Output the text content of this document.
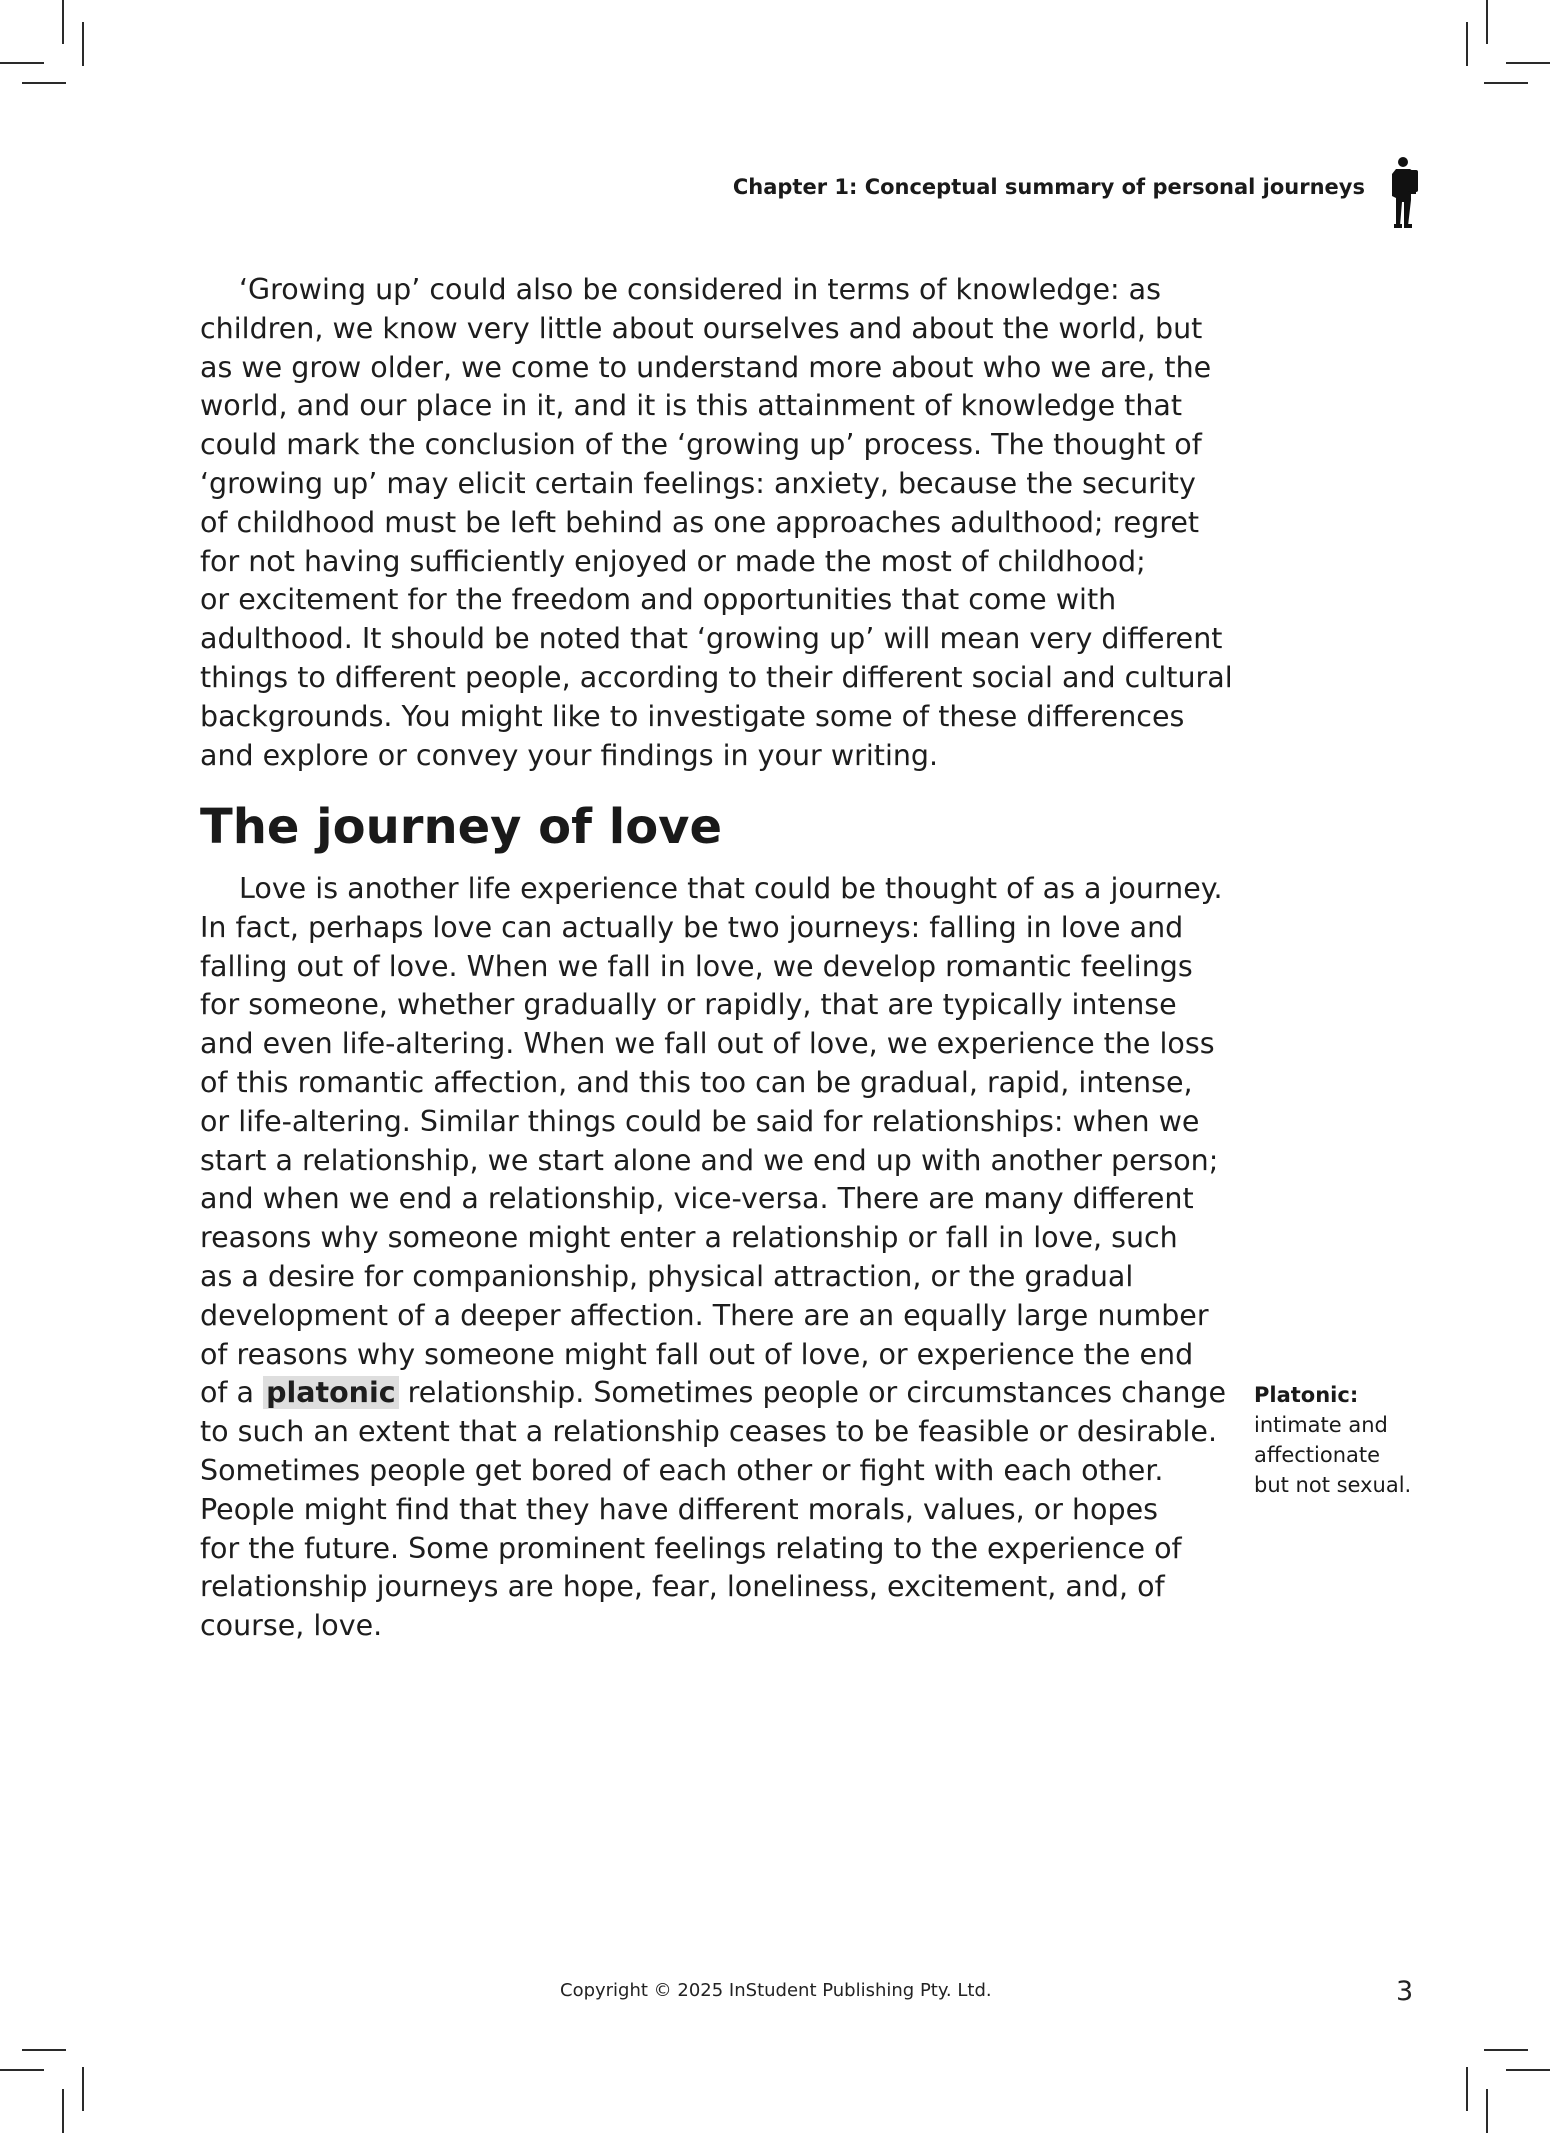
Chapter 1: Conceptual summary of personal journeys
‘Growing up’ could also be considered in terms of knowledge: as
children, we know very little about ourselves and about the world, but
as we grow older, we come to understand more about who we are, the
world, and our place in it, and it is this attainment of knowledge that
could mark the conclusion of the ‘growing up’ process. The thought of
‘growing up’ may elicit certain feelings: anxiety, because the security
of childhood must be left behind as one approaches adulthood; regret
for not having sufficiently enjoyed or made the most of childhood;
or excitement for the freedom and opportunities that come with
adulthood. It should be noted that ‘growing up’ will mean very different
things to different people, according to their different social and cultural
backgrounds. You might like to investigate some of these differences
and explore or convey your findings in your writing.
The journey of love
Love is another life experience that could be thought of as a journey.
In fact, perhaps love can actually be two journeys: falling in love and
falling out of love. When we fall in love, we develop romantic feelings
for someone, whether gradually or rapidly, that are typically intense
and even life-altering. When we fall out of love, we experience the loss
of this romantic affection, and this too can be gradual, rapid, intense,
or life-altering. Similar things could be said for relationships: when we
start a relationship, we start alone and we end up with another person;
and when we end a relationship, vice-versa. There are many different
reasons why someone might enter a relationship or fall in love, such
as a desire for companionship, physical attraction, or the gradual
development of a deeper affection. There are an equally large number
of reasons why someone might fall out of love, or experience the end
of a platonic relationship. Sometimes people or circumstances change
to such an extent that a relationship ceases to be feasible or desirable.
Sometimes people get bored of each other or fight with each other.
People might find that they have different morals, values, or hopes
for the future. Some prominent feelings relating to the experience of
relationship journeys are hope, fear, loneliness, excitement, and, of
course, love.
Platonic:
intimate and
affectionate
but not sexual.
Copyright © 2025 InStudent Publishing Pty. Ltd.	3
